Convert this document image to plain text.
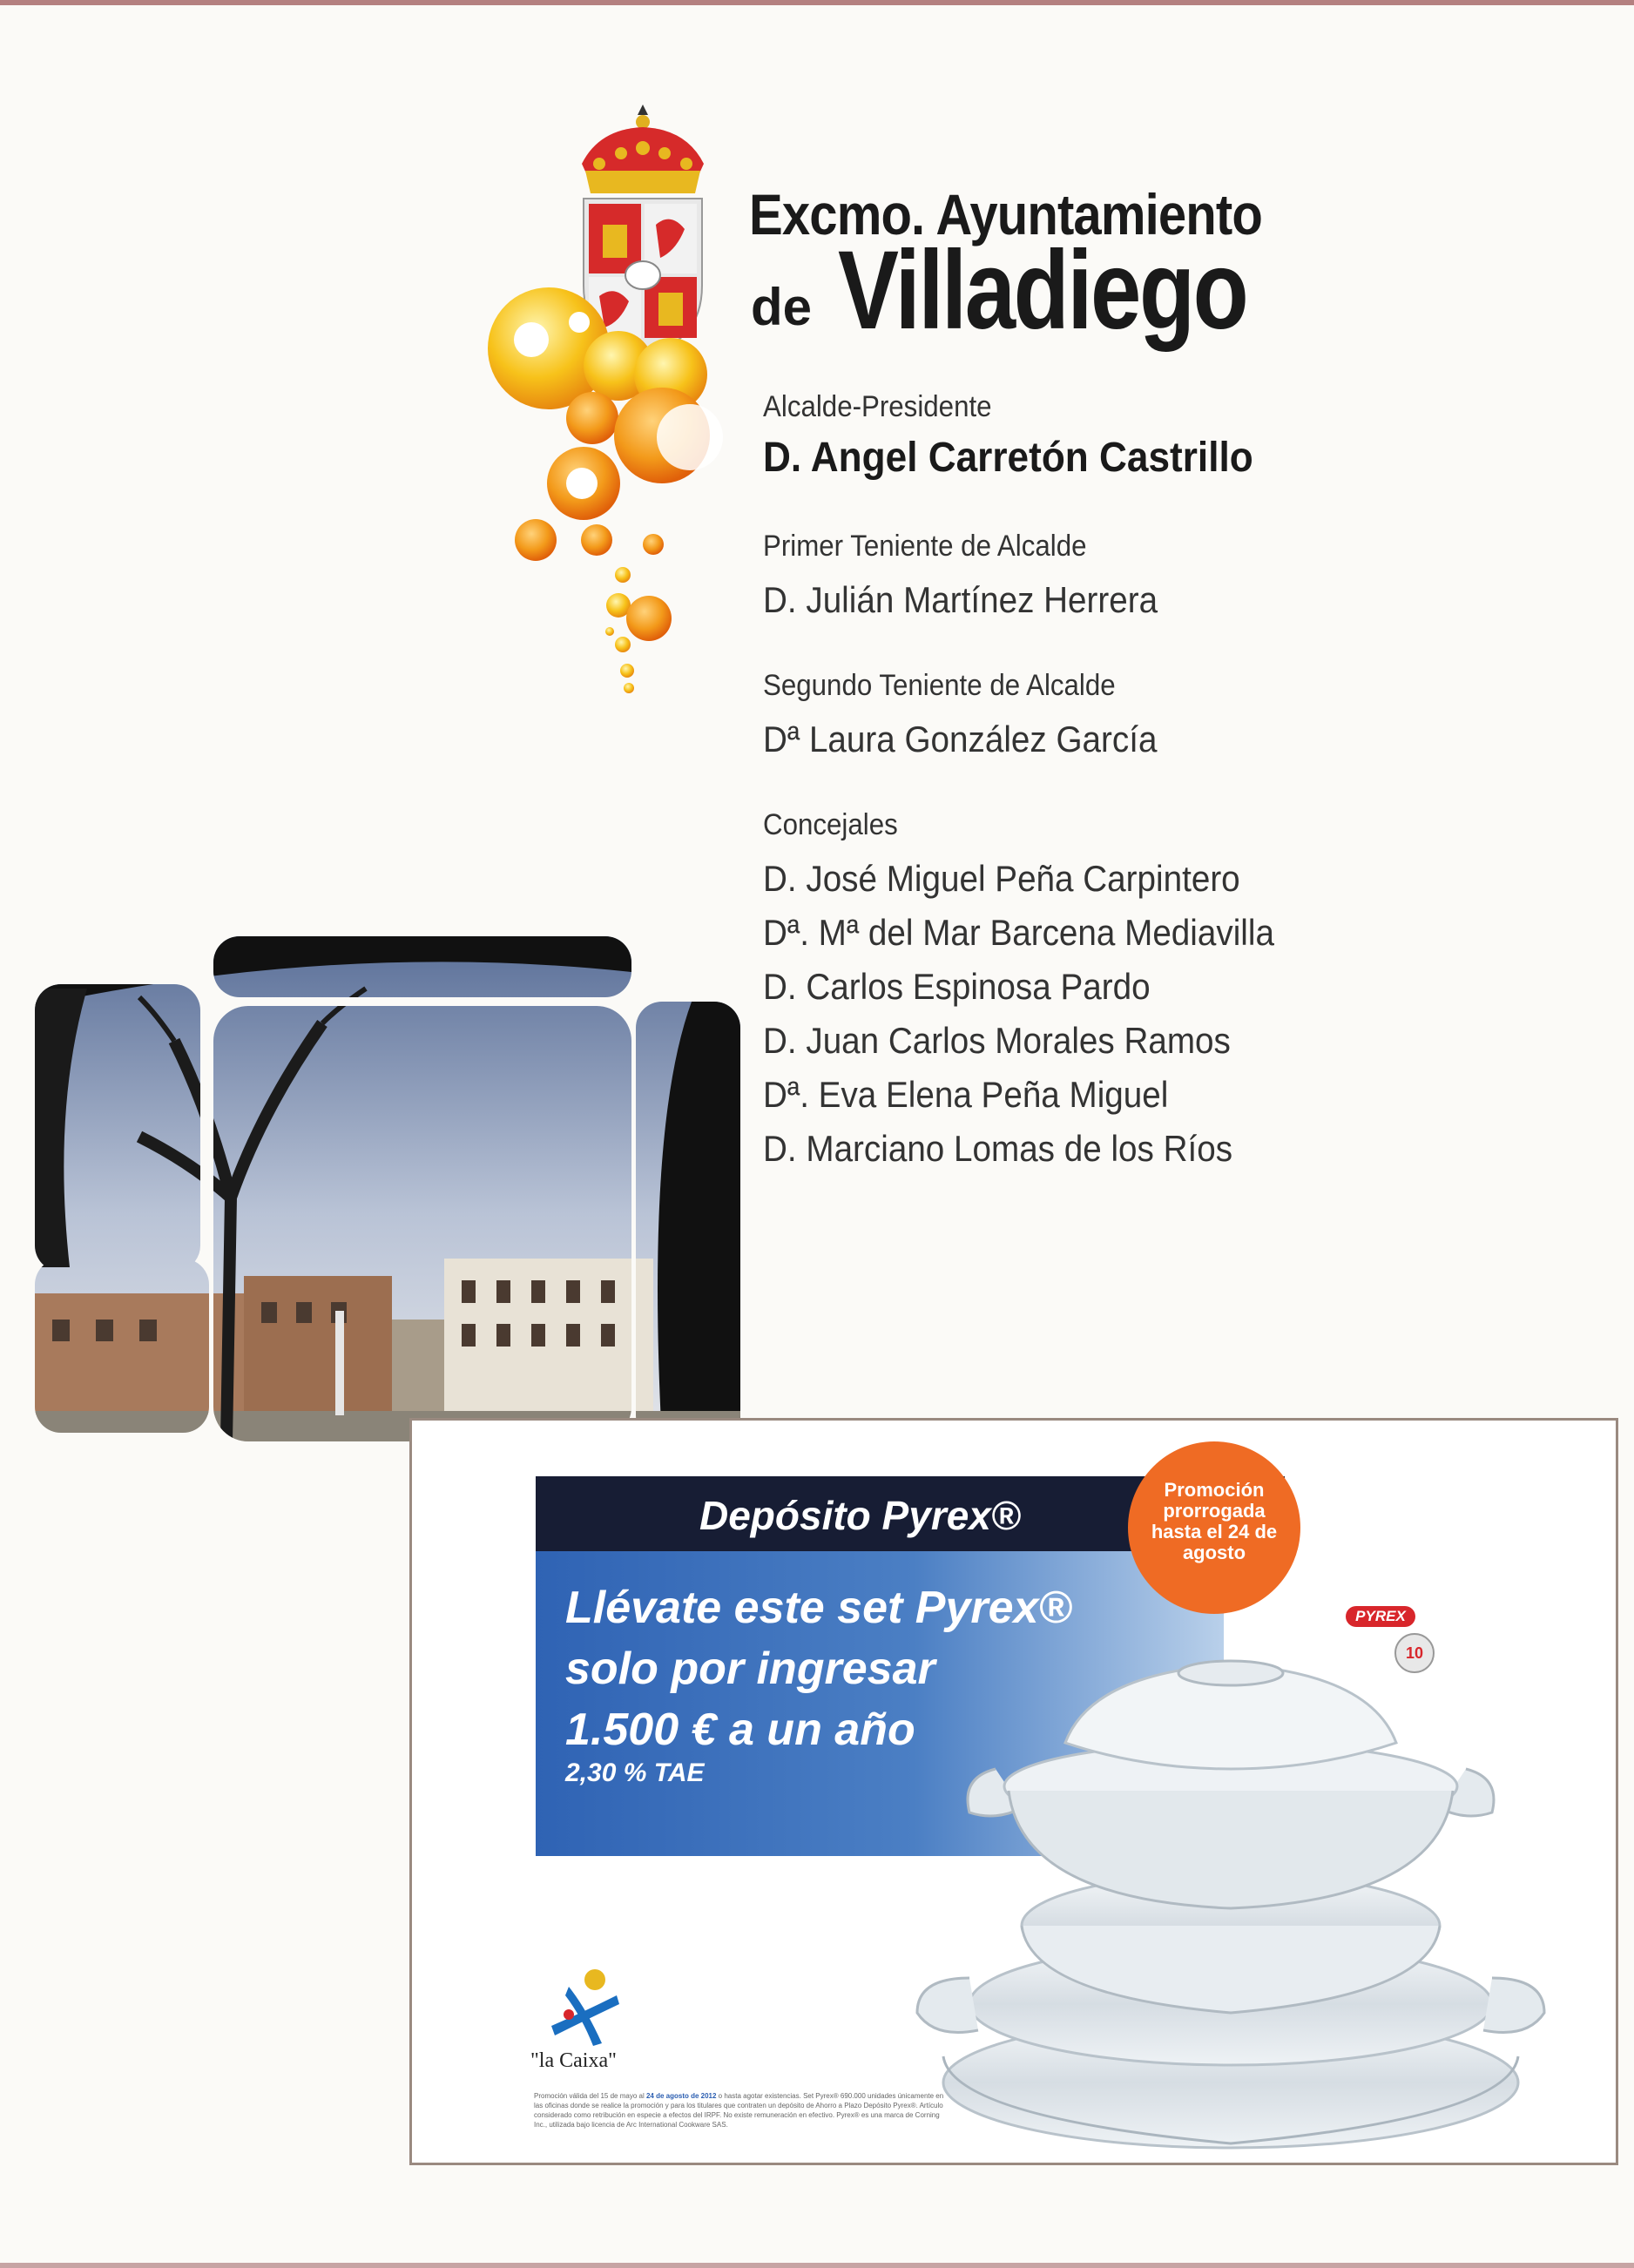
Excmo. Ayuntamiento
de Villadiego
Alcalde-Presidente
D. Angel Carretón Castrillo
Primer Teniente de Alcalde
D. Julián Martínez Herrera
Segundo Teniente de Alcalde
Dª Laura González García
Concejales
D. José Miguel Peña Carpintero
Dª. Mª del Mar Barcena Mediavilla
D. Carlos Espinosa Pardo
D. Juan Carlos Morales Ramos
Dª. Eva Elena Peña Miguel
D. Marciano Lomas de los Ríos
Depósito Pyrex®
Llévate este set Pyrex®
solo por ingresar
1.500 € a un año
2,30 % TAE
Promoción
prorrogada
hasta el 24 de
agosto
PYREX
10
"la Caixa"
Promoción válida del 15 de mayo al 24 de agosto de 2012 o hasta agotar existencias. Set Pyrex® 690.000 unidades únicamente en las oficinas donde se realice la promoción y para los titulares que contraten un depósito de Ahorro a Plazo Depósito Pyrex®. Artículo considerado como retribución en especie a efectos del IRPF. No existe remuneración en efectivo. Pyrex® es una marca de Corning Inc., utilizada bajo licencia de Arc International Cookware SAS.
